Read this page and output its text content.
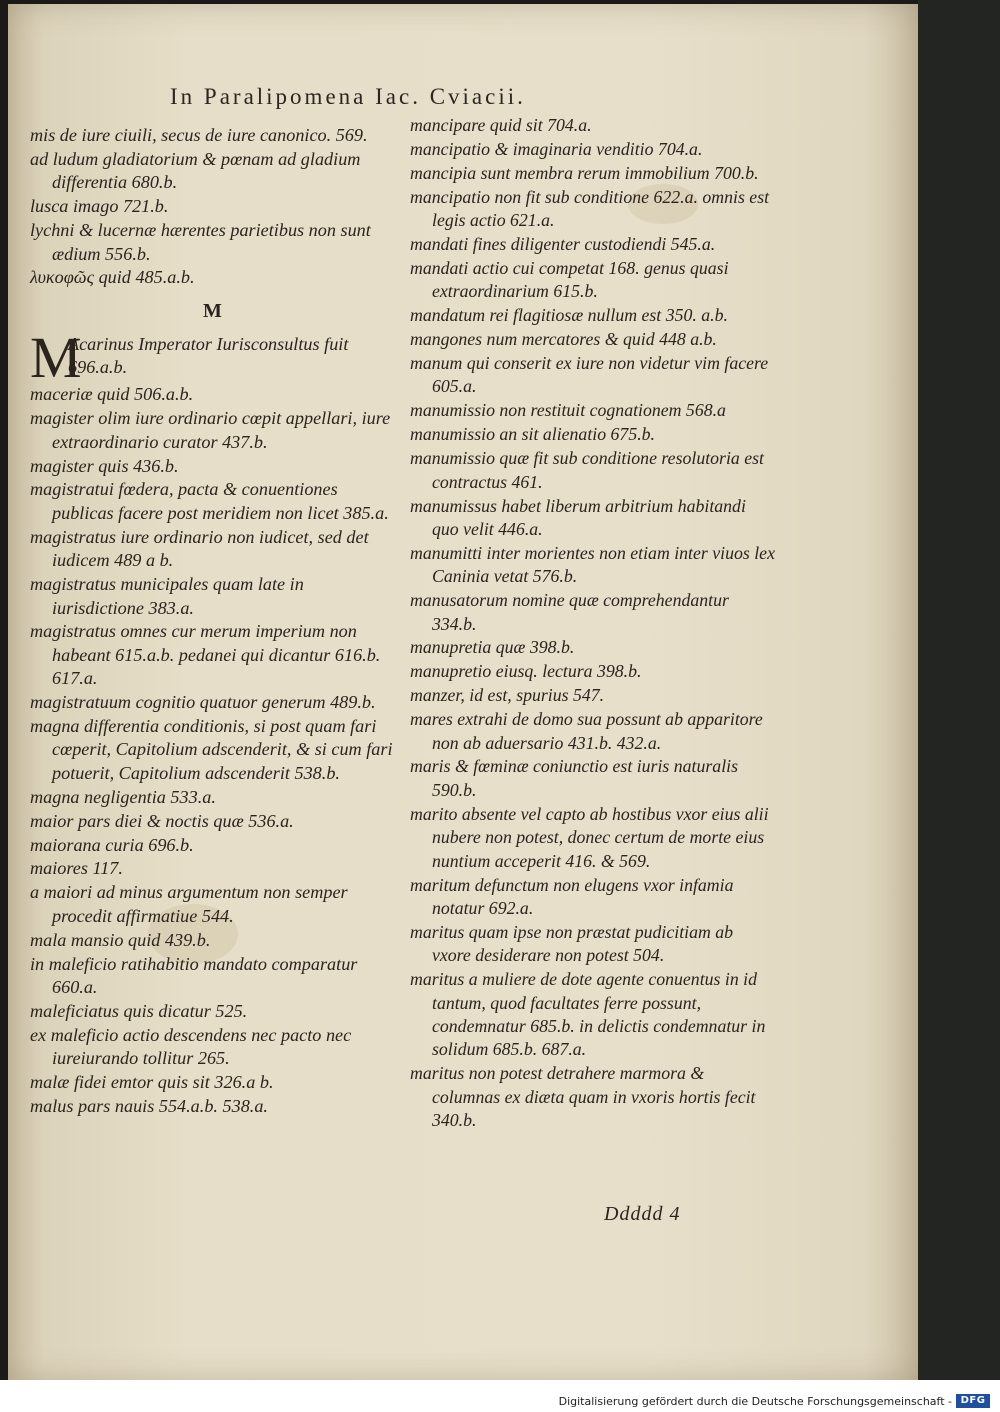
In Paralipomena Iac. Cviacii.
mis de iure ciuili, secus de iure canonico. 569.
ad ludum gladiatorium & pœnam ad gladium differentia 680.b.
lusca imago 721.b.
lychni & lucernæ hærentes parietibus non sunt ædium 556.b.
λυκοφῶς quid 485.a.b.
M
M
Acarinus Imperator Iurisconsultus fuit 696.a.b.
maceriæ quid 506.a.b.
magister olim iure ordinario cœpit appellari, iure extraordinario curator 437.b.
magister quis 436.b.
magistratui fœdera, pacta & conuentiones publicas facere post meridiem non licet 385.a.
magistratus iure ordinario non iudicet, sed det iudicem 489 a b.
magistratus municipales quam late in iurisdictione 383.a.
magistratus omnes cur merum imperium non habeant 615.a.b. pedanei qui dicantur 616.b. 617.a.
magistratuum cognitio quatuor generum 489.b.
magna differentia conditionis, si post quam fari cœperit, Capitolium adscenderit, & si cum fari potuerit, Capitolium adscenderit 538.b.
magna negligentia 533.a.
maior pars diei & noctis quæ 536.a.
maiorana curia 696.b.
maiores 117.
a maiori ad minus argumentum non semper procedit affirmatiue 544.
mala mansio quid 439.b.
in maleficio ratihabitio mandato comparatur 660.a.
maleficiatus quis dicatur 525.
ex maleficio actio descendens nec pacto nec iureiurando tollitur 265.
malæ fidei emtor quis sit 326.a b.
malus pars nauis 554.a.b. 538.a.
mancipare quid sit 704.a.
mancipatio & imaginaria venditio 704.a.
mancipia sunt membra rerum immobilium 700.b.
mancipatio non fit sub conditione 622.a. omnis est legis actio 621.a.
mandati fines diligenter custodiendi 545.a.
mandati actio cui competat 168. genus quasi extraordinarium 615.b.
mandatum rei flagitiosæ nullum est 350. a.b.
mangones num mercatores & quid 448 a.b.
manum qui conserit ex iure non videtur vim facere 605.a.
manumissio non restituit cognationem 568.a
manumissio an sit alienatio 675.b.
manumissio quæ fit sub conditione resolutoria est contractus 461.
manumissus habet liberum arbitrium habitandi quo velit 446.a.
manumitti inter morientes non etiam inter viuos lex Caninia vetat 576.b.
manusatorum nomine quæ comprehendantur 334.b.
manupretia quæ 398.b.
manupretio eiusq. lectura 398.b.
manzer, id est, spurius 547.
mares extrahi de domo sua possunt ab apparitore non ab aduersario 431.b. 432.a.
maris & fœminæ coniunctio est iuris naturalis 590.b.
marito absente vel capto ab hostibus vxor eius alii nubere non potest, donec certum de morte eius nuntium acceperit 416. & 569.
maritum defunctum non elugens vxor infamia notatur 692.a.
maritus quam ipse non præstat pudicitiam ab vxore desiderare non potest 504.
maritus a muliere de dote agente conuentus in id tantum, quod facultates ferre possunt, condemnatur 685.b. in delictis condemnatur in solidum 685.b. 687.a.
maritus non potest detrahere marmora & columnas ex diæta quam in vxoris hortis fecit 340.b.
Ddddd 4
Digitalisierung gefördert durch die Deutsche Forschungsgemeinschaft - DFG
